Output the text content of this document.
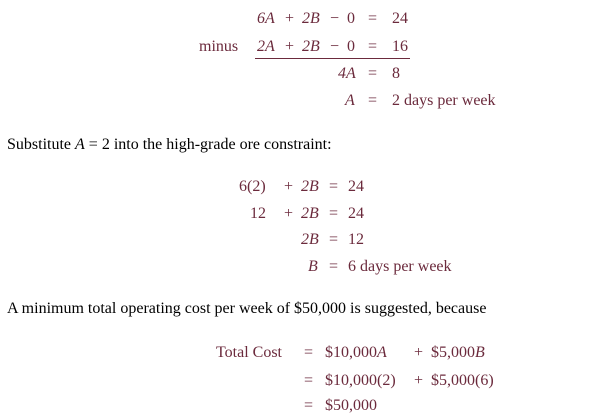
6A + 2B − 0 = 24
minus 2A + 2B − 0 = 16
4A = 8
A = 2 days per week
Substitute A = 2 into the high-grade ore constraint:
6(2) + 2B = 24
12 + 2B = 24
2B = 12
B = 6 days per week
A minimum total operating cost per week of $50,000 is suggested, because
Total Cost = $10,000A + $5,000B
= $10,000(2) + $5,000(6)
= $50,000
